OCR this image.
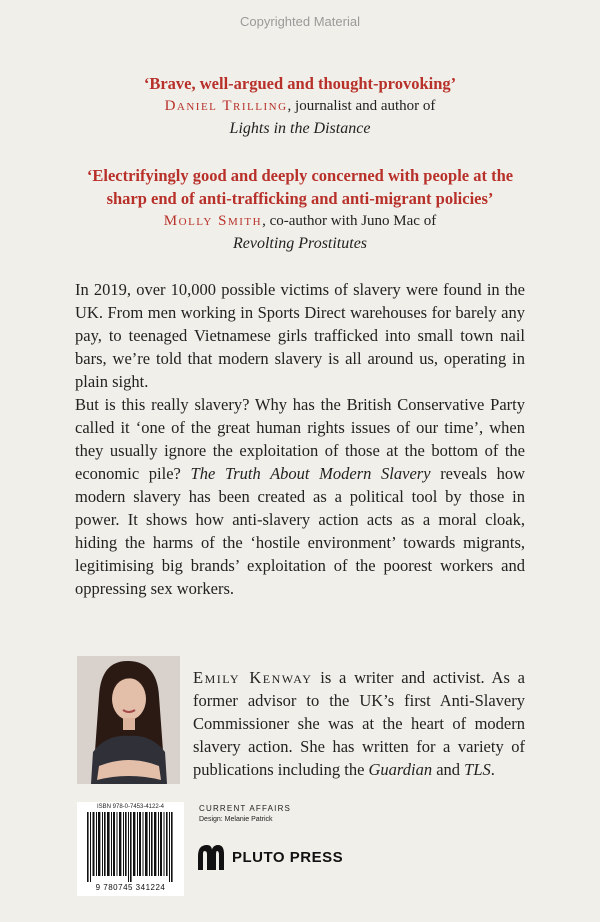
Copyrighted Material
‘Brave, well-argued and thought-provoking’
Daniel Trilling, journalist and author of
Lights in the Distance
‘Electrifyingly good and deeply concerned with people at the
sharp end of anti-trafficking and anti-migrant policies’
Molly Smith, co-author with Juno Mac of
Revolting Prostitutes

In 2019, over 10,000 possible victims of slavery were found in the UK. From men working in Sports Direct warehouses for barely any pay, to teenaged Vietnamese girls trafficked into small town nail bars, we’re told that modern slavery is all around us, operating in plain sight.

But is this really slavery? Why has the British Conservative Party called it ‘one of the great human rights issues of our time’, when they usually ignore the exploitation of those at the bottom of the economic pile? The Truth About Modern Slavery reveals how modern slavery has been created as a political tool by those in power. It shows how anti-slavery action acts as a moral cloak, hiding the harms of the ‘hostile environment’ towards migrants, legitimising big brands’ exploitation of the poorest workers and oppressing sex workers.

Emily Kenway is a writer and activist. As a former advisor to the UK’s first Anti-Slavery Commissioner she was at the heart of modern slavery action. She has written for a variety of publications including the Guardian and TLS.

ISBN 978-0-7453-4122-4
9 780745 341224
CURRENT AFFAIRS
Design: Melanie Patrick
PLUTO PRESS
